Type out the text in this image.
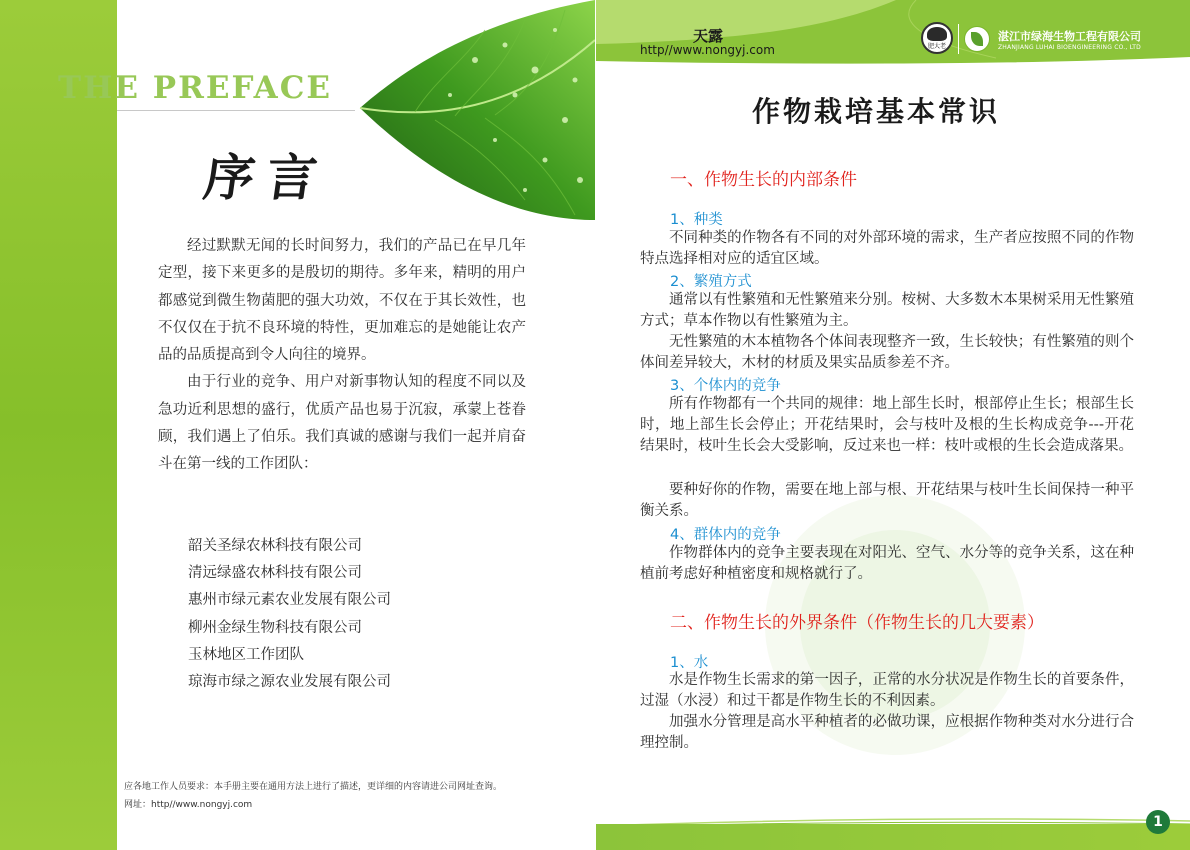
THE PREFACE
序言

经过默默无闻的长时间努力，我们的产品已在早几年定型，接下来更多的是殷切的期待。多年来，精明的用户都感觉到微生物菌肥的强大功效，不仅在于其长效性，也不仅仅在于抗不良环境的特性，更加难忘的是她能让农产品的品质提高到令人向往的境界。

由于行业的竞争、用户对新事物认知的程度不同以及急功近利思想的盛行，优质产品也易于沉寂，承蒙上苍眷顾，我们遇上了伯乐。我们真诚的感谢与我们一起并肩奋斗在第一线的工作团队：

韶关圣绿农林科技有限公司
清远绿盛农林科技有限公司
惠州市绿元素农业发展有限公司
柳州金绿生物科技有限公司
玉林地区工作团队
琼海市绿之源农业发展有限公司
应各地工作人员要求：本手册主要在通用方法上进行了描述，更详细的内容请进公司网址查询。
网址：http//www.nongyj.com
天露
http//www.nongyj.com	肥大老
湛江市绿海生物工程有限公司
ZHANJIANG LUHAI BIOENGINEERING CO., LTD
作物栽培基本常识
一、作物生长的内部条件
1、种类

不同种类的作物各有不同的对外部环境的需求，生产者应按照不同的作物特点选择相对应的适宜区域。

2、繁殖方式

通常以有性繁殖和无性繁殖来分别。桉树、大多数木本果树采用无性繁殖方式；草本作物以有性繁殖为主。

无性繁殖的木本植物各个体间表现整齐一致，生长较快；有性繁殖的则个体间差异较大，木材的材质及果实品质参差不齐。

3、个体内的竞争

所有作物都有一个共同的规律：地上部生长时，根部停止生长；根部生长时，地上部生长会停止；开花结果时，会与枝叶及根的生长构成竞争---开花结果时，枝叶生长会大受影响，反过来也一样：枝叶或根的生长会造成落果。

要种好你的作物，需要在地上部与根、开花结果与枝叶生长间保持一种平衡关系。

4、群体内的竞争

作物群体内的竞争主要表现在对阳光、空气、水分等的竞争关系，这在种植前考虑好种植密度和规格就行了。

二、作物生长的外界条件（作物生长的几大要素）
1、水

水是作物生长需求的第一因子，正常的水分状况是作物生长的首要条件，过湿（水浸）和过干都是作物生长的不利因素。

加强水分管理是高水平种植者的必做功课，应根据作物种类对水分进行合理控制。

1
